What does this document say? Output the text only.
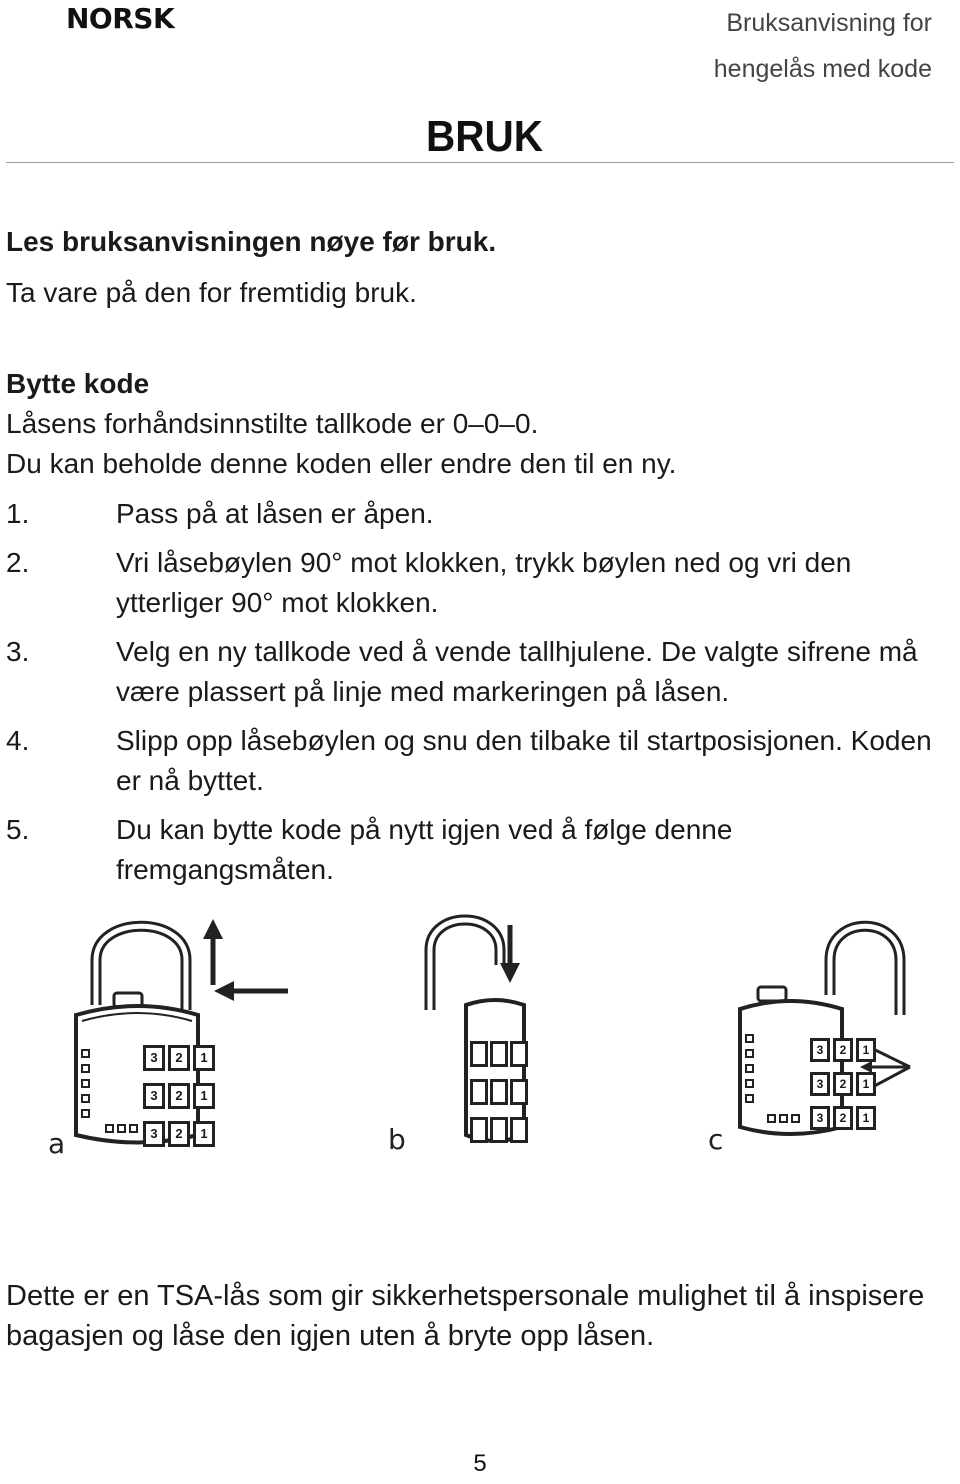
NORSK	Bruksanvisning for hengelås med kode
BRUK
Les bruksanvisningen nøye før bruk.
Ta vare på den for fremtidig bruk.
Bytte kode
Låsens forhåndsinnstilte tallkode er 0–0–0.
Du kan beholde denne koden eller endre den til en ny.
1.	Pass på at låsen er åpen.
2.	Vri låsebøylen 90° mot klokken, trykk bøylen ned og vri den ytterliger 90° mot klokken.
3.	Velg en ny tallkode ved å vende tallhjulene. De valgte sifrene må være plassert på linje med markeringen på låsen.
4.	Slipp opp låsebøylen og snu den tilbake til startposisjonen. Koden er nå byttet.
5.	Du kan bytte kode på nytt igjen ved å følge denne fremgangsmåten.
3	2	1
3	2	1
3	2	1
a	b
3	2	1
3	2	1
3	2	1
c
Dette er en TSA-lås som gir sikkerhetspersonale mulighet til å inspisere bagasjen og låse den igjen uten å bryte opp låsen.
5
